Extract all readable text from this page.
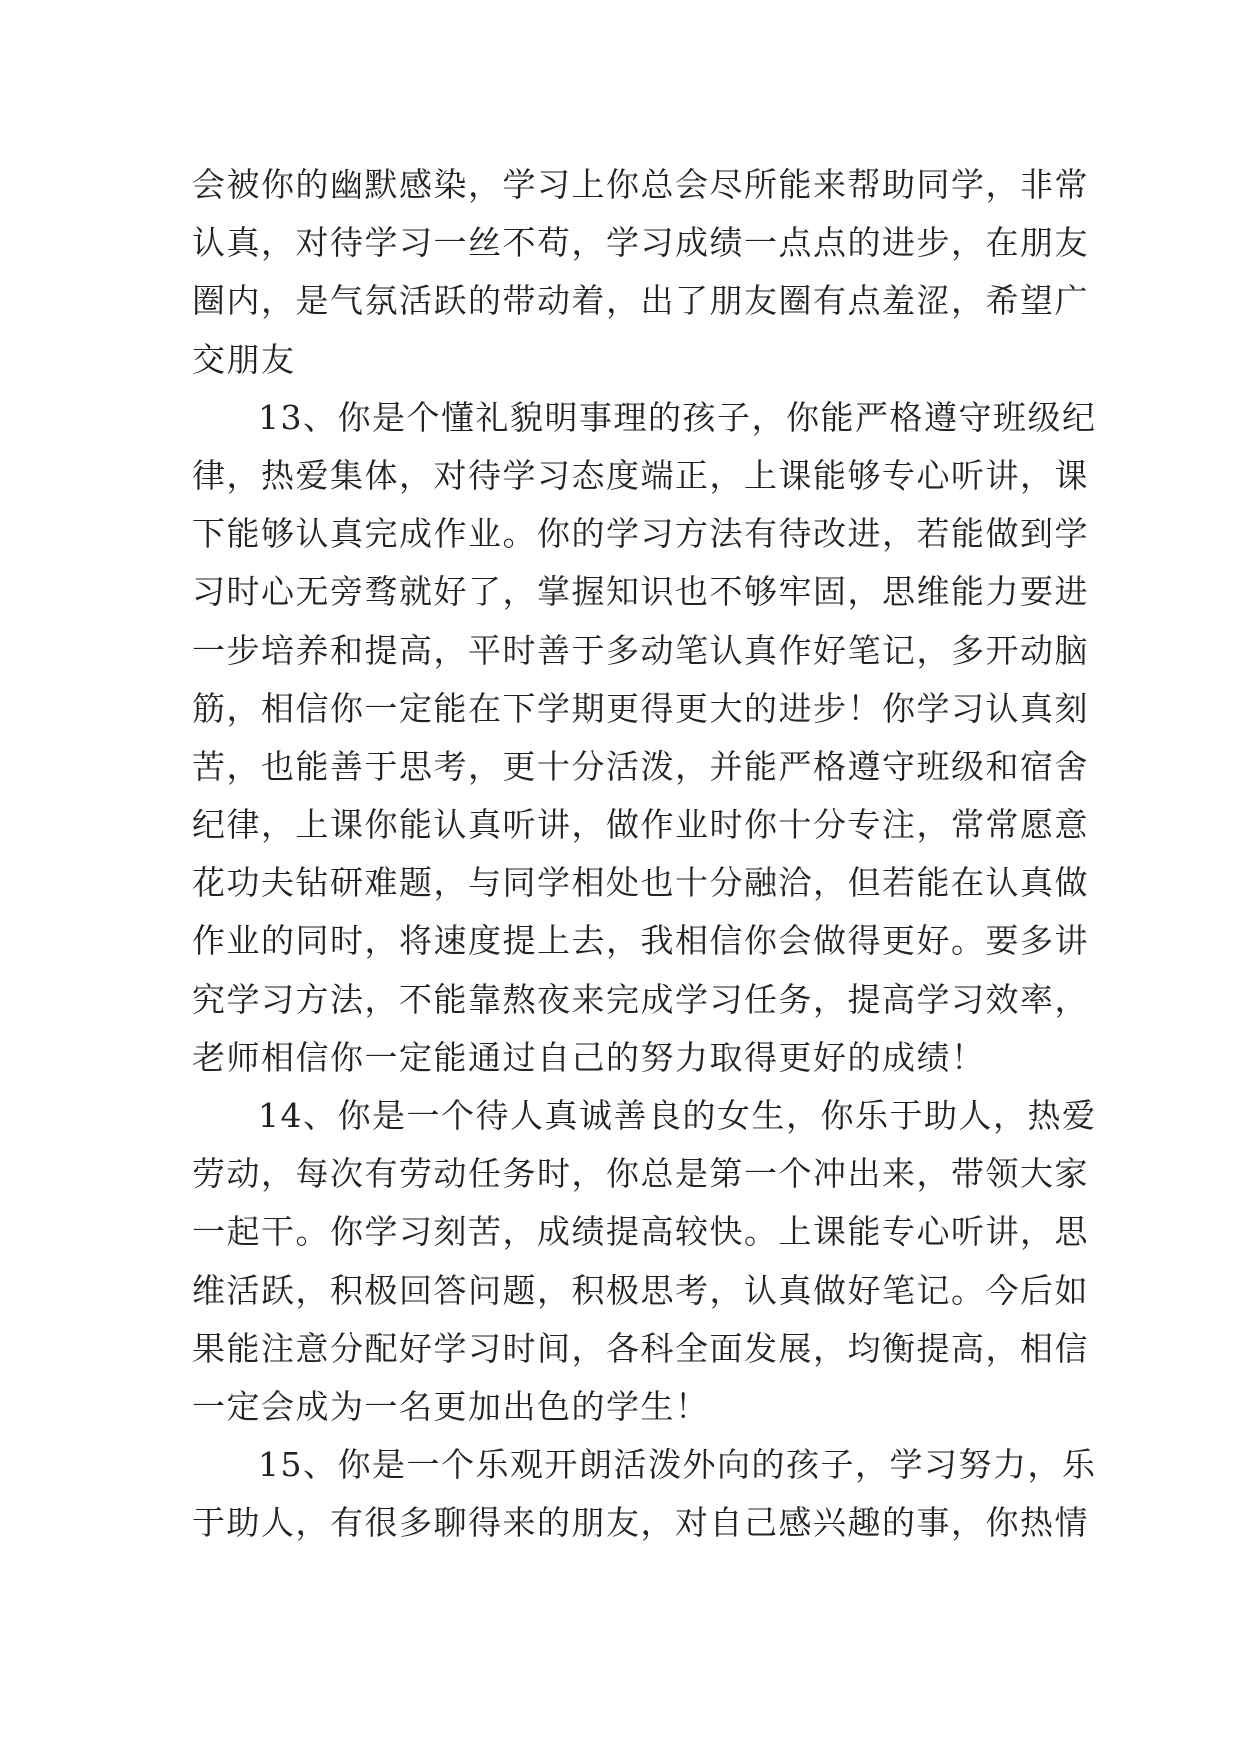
会被你的幽默感染，学习上你总会尽所能来帮助同学，非常
认真，对待学习一丝不苟，学习成绩一点点的进步，在朋友
圈内，是气氛活跃的带动着，出了朋友圈有点羞涩，希望广
交朋友
13、你是个懂礼貌明事理的孩子，你能严格遵守班级纪
律，热爱集体，对待学习态度端正，上课能够专心听讲，课
下能够认真完成作业。你的学习方法有待改进，若能做到学
习时心无旁骛就好了，掌握知识也不够牢固，思维能力要进
一步培养和提高，平时善于多动笔认真作好笔记，多开动脑
筋，相信你一定能在下学期更得更大的进步！你学习认真刻
苦，也能善于思考，更十分活泼，并能严格遵守班级和宿舍
纪律，上课你能认真听讲，做作业时你十分专注，常常愿意
花功夫钻研难题，与同学相处也十分融洽，但若能在认真做
作业的同时，将速度提上去，我相信你会做得更好。要多讲
究学习方法，不能靠熬夜来完成学习任务，提高学习效率，
老师相信你一定能通过自己的努力取得更好的成绩！
14、你是一个待人真诚善良的女生，你乐于助人，热爱
劳动，每次有劳动任务时，你总是第一个冲出来，带领大家
一起干。你学习刻苦，成绩提高较快。上课能专心听讲，思
维活跃，积极回答问题，积极思考，认真做好笔记。今后如
果能注意分配好学习时间，各科全面发展，均衡提高，相信
一定会成为一名更加出色的学生！
15、你是一个乐观开朗活泼外向的孩子，学习努力，乐
于助人，有很多聊得来的朋友，对自己感兴趣的事，你热情
